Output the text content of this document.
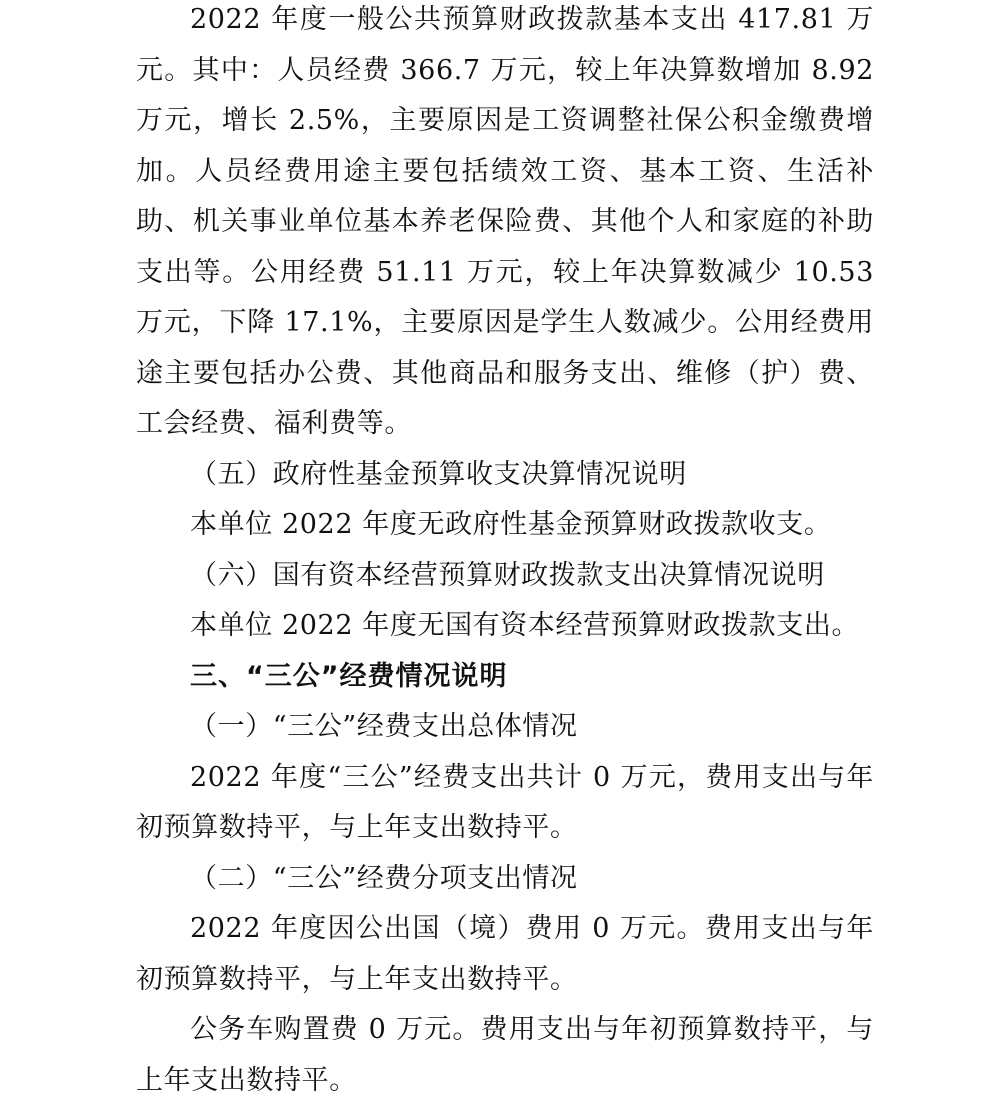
2022 年度一般公共预算财政拨款基本支出 417.81 万元。其中：人员经费 366.7 万元，较上年决算数增加 8.92 万元，增长 2.5%，主要原因是工资调整社保公积金缴费增加。人员经费用途主要包括绩效工资、基本工资、生活补助、机关事业单位基本养老保险费、其他个人和家庭的补助支出等。公用经费 51.11 万元，较上年决算数减少 10.53 万元，下降 17.1%，主要原因是学生人数减少。公用经费用途主要包括办公费、其他商品和服务支出、维修（护）费、工会经费、福利费等。

（五）政府性基金预算收支决算情况说明

本单位 2022 年度无政府性基金预算财政拨款收支。

（六）国有资本经营预算财政拨款支出决算情况说明

本单位 2022 年度无国有资本经营预算财政拨款支出。

三、“三公”经费情况说明

（一）“三公”经费支出总体情况

2022 年度“三公”经费支出共计 0 万元，费用支出与年初预算数持平，与上年支出数持平。

（二）“三公”经费分项支出情况

2022 年度因公出国（境）费用 0 万元。费用支出与年初预算数持平，与上年支出数持平。

公务车购置费 0 万元。费用支出与年初预算数持平，与上年支出数持平。
